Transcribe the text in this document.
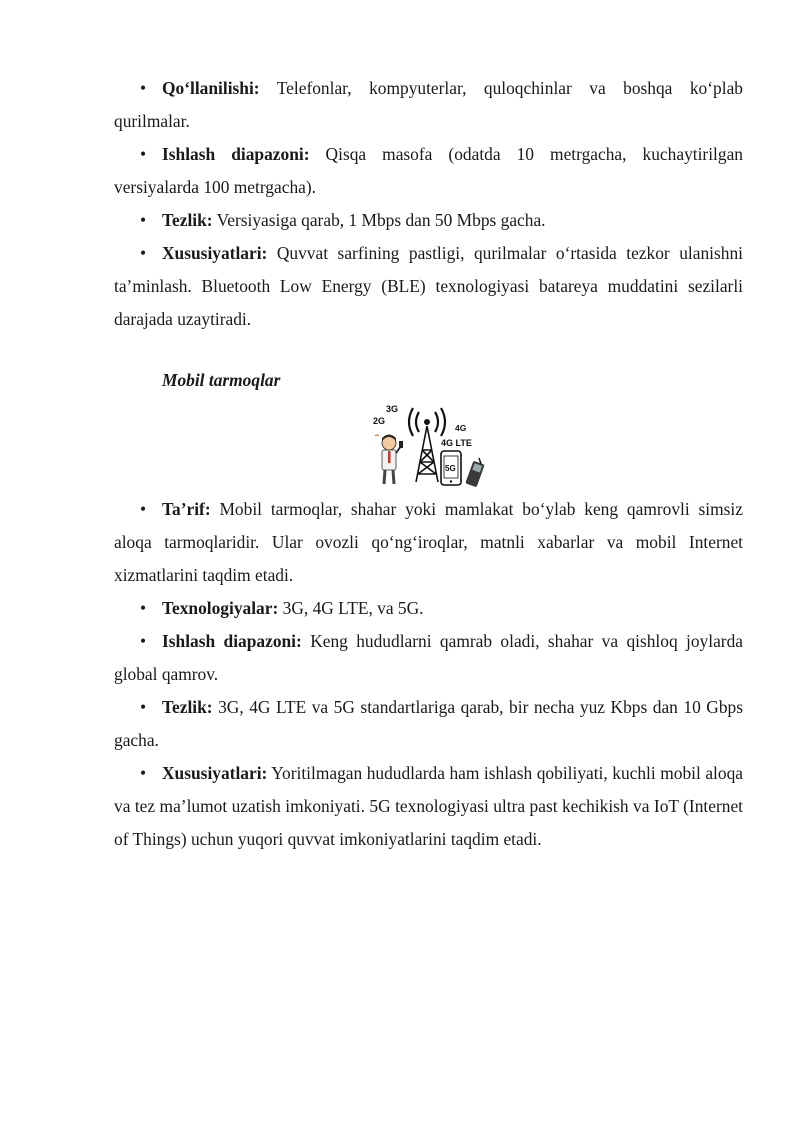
• Qo‘llanilishi: Telefonlar, kompyuterlar, quloqchinlar va boshqa ko‘plab qurilmalar.
• Ishlash diapazoni: Qisqa masofa (odatda 10 metrgacha, kuchaytirilgan versiyalarda 100 metrgacha).
• Tezlik: Versiyasiga qarab, 1 Mbps dan 50 Mbps gacha.
• Xususiyatlari: Quvvat sarfining pastligi, qurilmalar o‘rtasida tezkor ulanishni ta’minlash. Bluetooth Low Energy (BLE) texnologiyasi batareya muddatini sezilarli darajada uzaytiradi.
Mobil tarmoqlar
3G
2G
4G
4G LTE
5G
• Ta’rif: Mobil tarmoqlar, shahar yoki mamlakat bo‘ylab keng qamrovli simsiz aloqa tarmoqlaridir. Ular ovozli qo‘ng‘iroqlar, matnli xabarlar va mobil Internet xizmatlarini taqdim etadi.
• Texnologiyalar: 3G, 4G LTE, va 5G.
• Ishlash diapazoni: Keng hududlarni qamrab oladi, shahar va qishloq joylarda global qamrov.
• Tezlik: 3G, 4G LTE va 5G standartlariga qarab, bir necha yuz Kbps dan 10 Gbps gacha.
• Xususiyatlari: Yoritilmagan hududlarda ham ishlash qobiliyati, kuchli mobil aloqa va tez ma’lumot uzatish imkoniyati. 5G texnologiyasi ultra past kechikish va IoT (Internet of Things) uchun yuqori quvvat imkoniyatlarini taqdim etadi.
